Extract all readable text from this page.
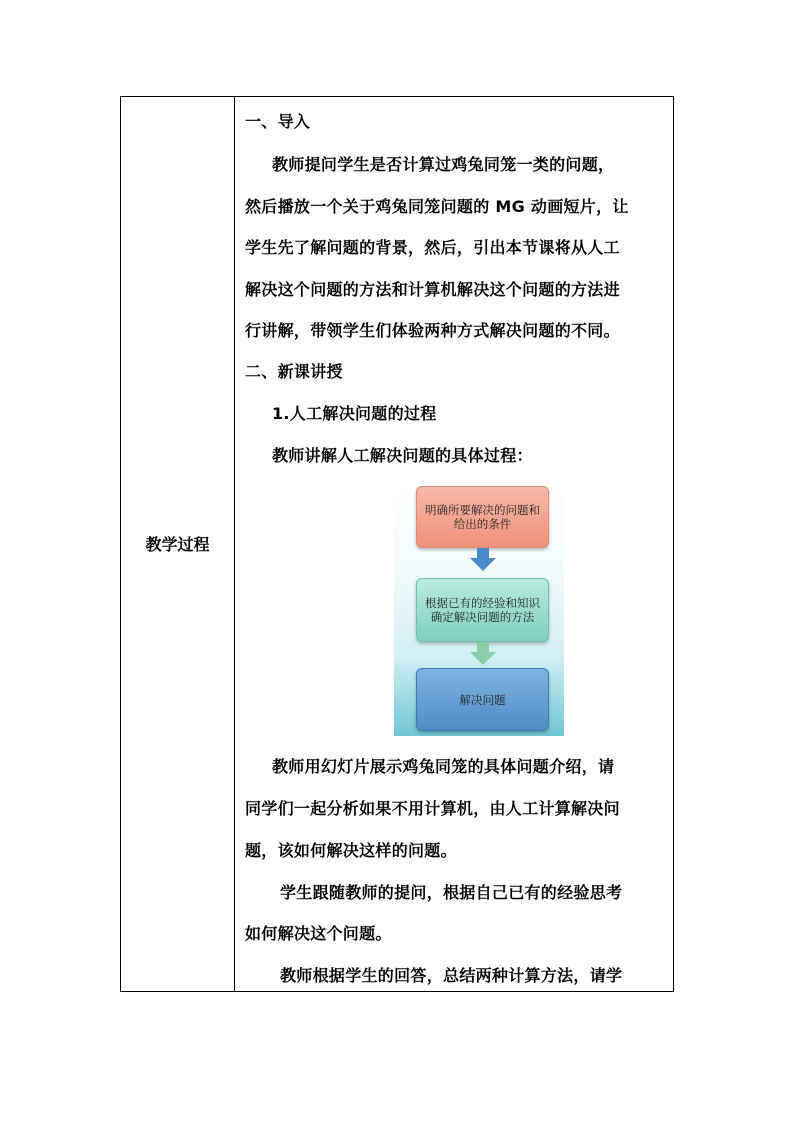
教学过程
一、导入
教师提问学生是否计算过鸡兔同笼一类的问题，
然后播放一个关于鸡兔同笼问题的 MG 动画短片，让
学生先了解问题的背景，然后，引出本节课将从人工
解决这个问题的方法和计算机解决这个问题的方法进
行讲解，带领学生们体验两种方式解决问题的不同。
二、新课讲授
1.人工解决问题的过程
教师讲解人工解决问题的具体过程：
明确所要解决的问题和给出的条件
根据已有的经验和知识确定解决问题的方法
解决问题
教师用幻灯片展示鸡兔同笼的具体问题介绍，请
同学们一起分析如果不用计算机，由人工计算解决问
题，该如何解决这样的问题。
学生跟随教师的提问，根据自己已有的经验思考
如何解决这个问题。
教师根据学生的回答，总结两种计算方法，请学
